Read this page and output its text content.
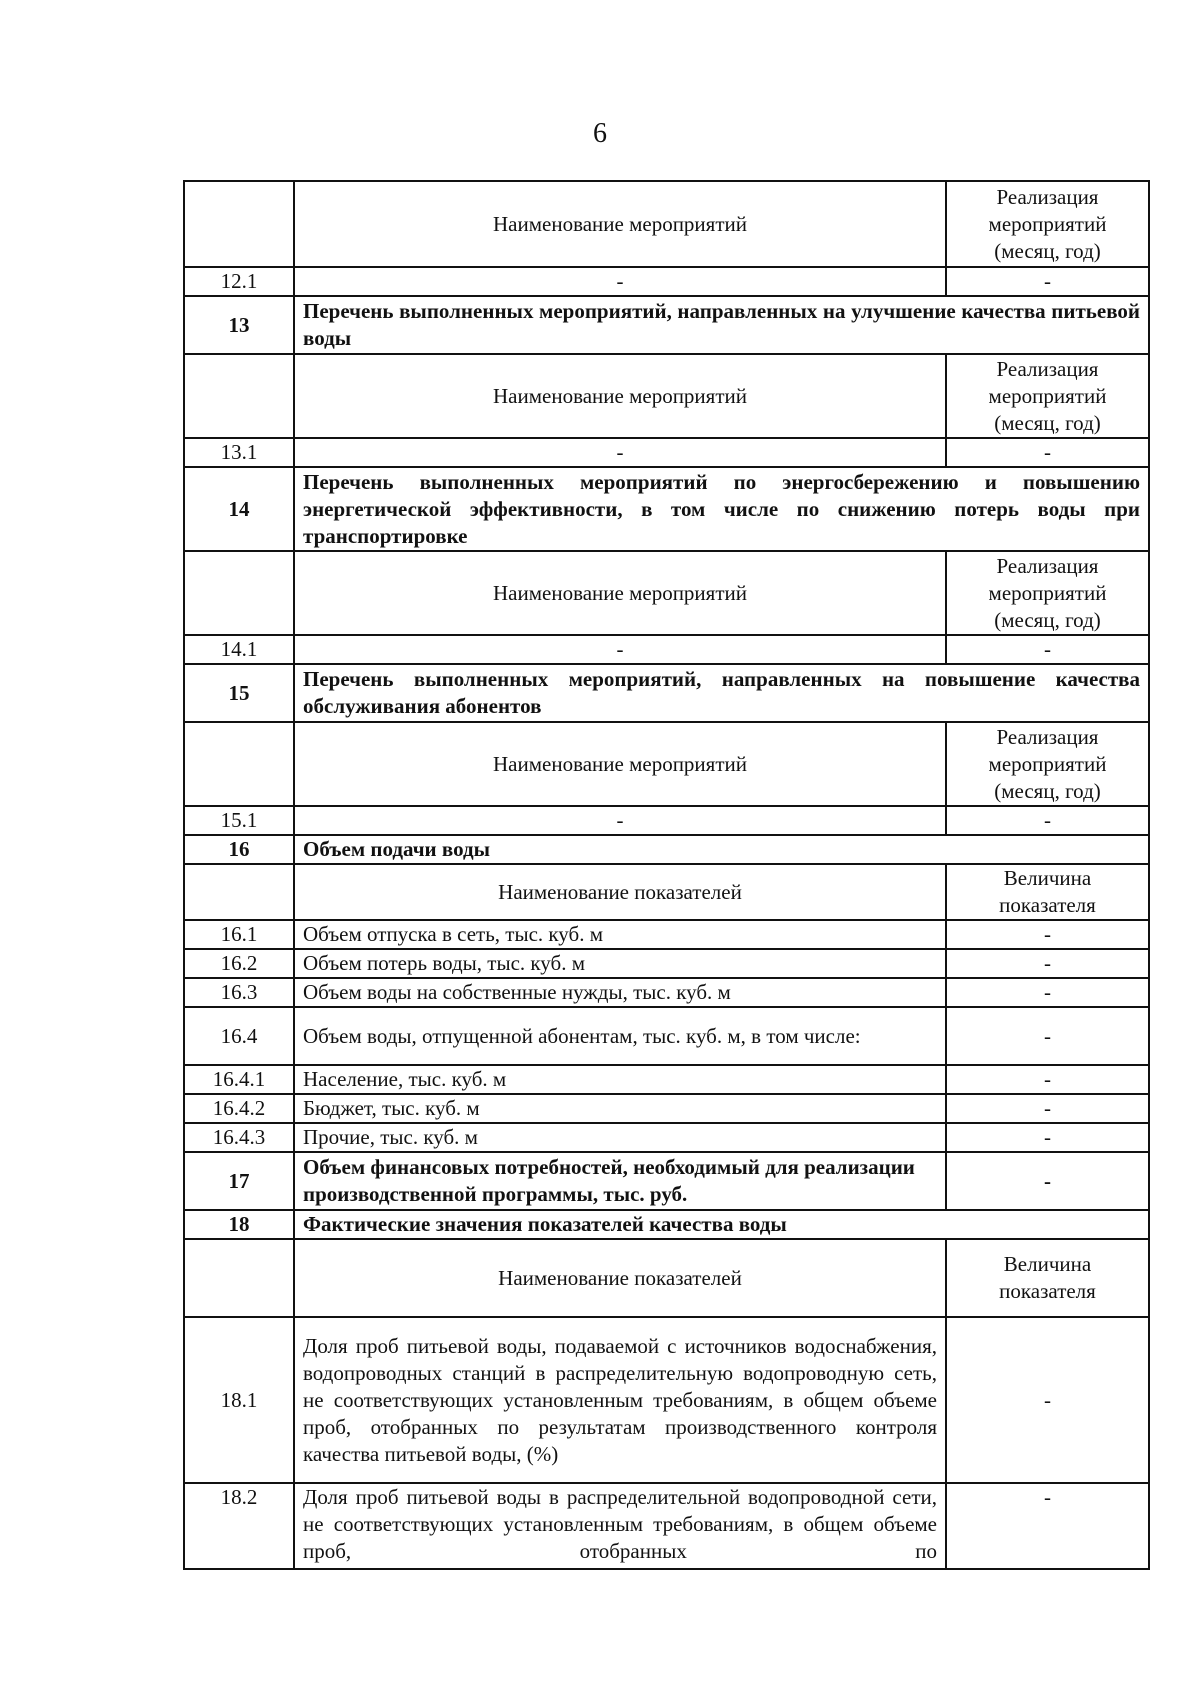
6
	Наименование мероприятий	Реализация мероприятий (месяц, год)
12.1	-	-
13	Перечень выполненных мероприятий, направленных на улучшение качества питьевой воды	
	Наименование мероприятий	Реализация мероприятий (месяц, год)
13.1	-	-
14	Перечень выполненных мероприятий по энергосбережению и повышению энергетической эффективности, в том числе по снижению потерь воды при транспортировке	
	Наименование мероприятий	Реализация мероприятий (месяц, год)
14.1	-	-
15	Перечень выполненных мероприятий, направленных на повышение качества обслуживания абонентов	
	Наименование мероприятий	Реализация мероприятий (месяц, год)
15.1	-	-
16	Объем подачи воды	
	Наименование показателей	Величина показателя
16.1	Объем отпуска в сеть, тыс. куб. м	-
16.2	Объем потерь воды, тыс. куб. м	-
16.3	Объем воды на собственные нужды, тыс. куб. м	-
16.4	Объем воды, отпущенной абонентам, тыс. куб. м, в том числе:	-
16.4.1	Население, тыс. куб. м	-
16.4.2	Бюджет, тыс. куб. м	-
16.4.3	Прочие, тыс. куб. м	-
17	Объем финансовых потребностей, необходимый для реализации производственной программы, тыс. руб.	-
18	Фактические значения показателей качества воды	
	Наименование показателей	Величина показателя
18.1	Доля проб питьевой воды, подаваемой с источников водоснабжения, водопроводных станций в распределительную водопроводную сеть, не соответствующих установленным требованиям, в общем объеме проб, отобранных по результатам производственного контроля качества питьевой воды, (%)	-
18.2	Доля проб питьевой воды в распределительной водопроводной сети, не соответствующих установленным требованиям, в общем объеме проб, отобранных по	-
